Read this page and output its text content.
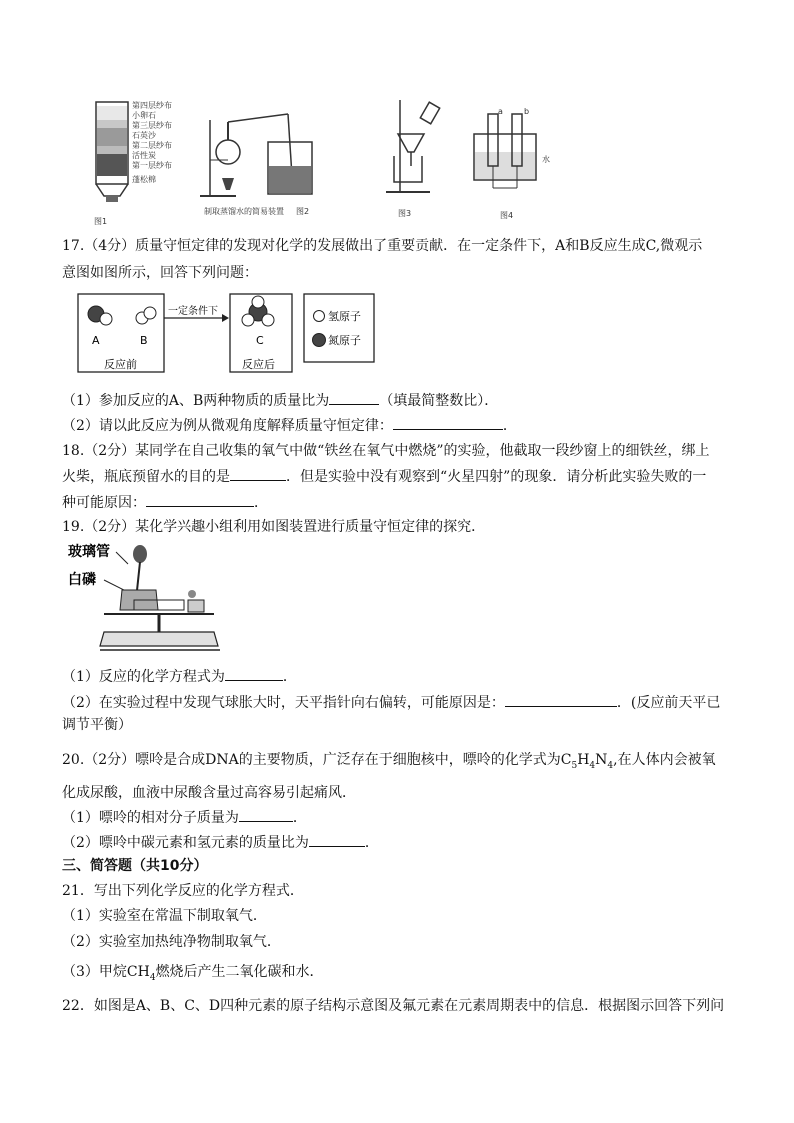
第四层纱布
小卵石
第三层纱布
石英沙
第二层纱布
活性炭
第一层纱布
蓬松棉
图1
制取蒸馏水的简易装置 图2	图3
a	b
水
图4
17.（4分）质量守恒定律的发现对化学的发展做出了重要贡献．在一定条件下，A和B反应生成C,微观示
意图如图所示，回答下列问题：
A	B
反应前
一定条件下
C
反应后
氢原子
氮原子
（1）参加反应的A、B两种物质的质量比为	（填最简整数比）．
（2）请以此反应为例从微观角度解释质量守恒定律：	．
18.（2分）某同学在自己收集的氧气中做“铁丝在氧气中燃烧”的实验，他截取一段纱窗上的细铁丝，绑上
火柴，瓶底预留水的目的是	．但是实验中没有观察到“火星四射”的现象．请分析此实验失败的一
种可能原因：	．
19.（2分）某化学兴趣小组利用如图装置进行质量守恒定律的探究．
玻璃管
白磷
（1）反应的化学方程式为	．
（2）在实验过程中发现气球胀大时，天平指针向右偏转，可能原因是：	．(反应前天平已
调节平衡）
20.（2分）嘌呤是合成DNA的主要物质，广泛存在于细胞核中，嘌呤的化学式为$C_5H_4N_4$,在人体内会被氧
化成尿酸，血液中尿酸含量过高容易引起痛风．
（1）嘌呤的相对分子质量为	．
（2）嘌呤中碳元素和氢元素的质量比为	．
三、简答题（共10分）
21．写出下列化学反应的化学方程式．
（1）实验室在常温下制取氧气．
（2）实验室加热纯净物制取氧气．
（3）甲烷$CH_4$燃烧后产生二氧化碳和水．
22．如图是A、B、C、D四种元素的原子结构示意图及氟元素在元素周期表中的信息．根据图示回答下列问
